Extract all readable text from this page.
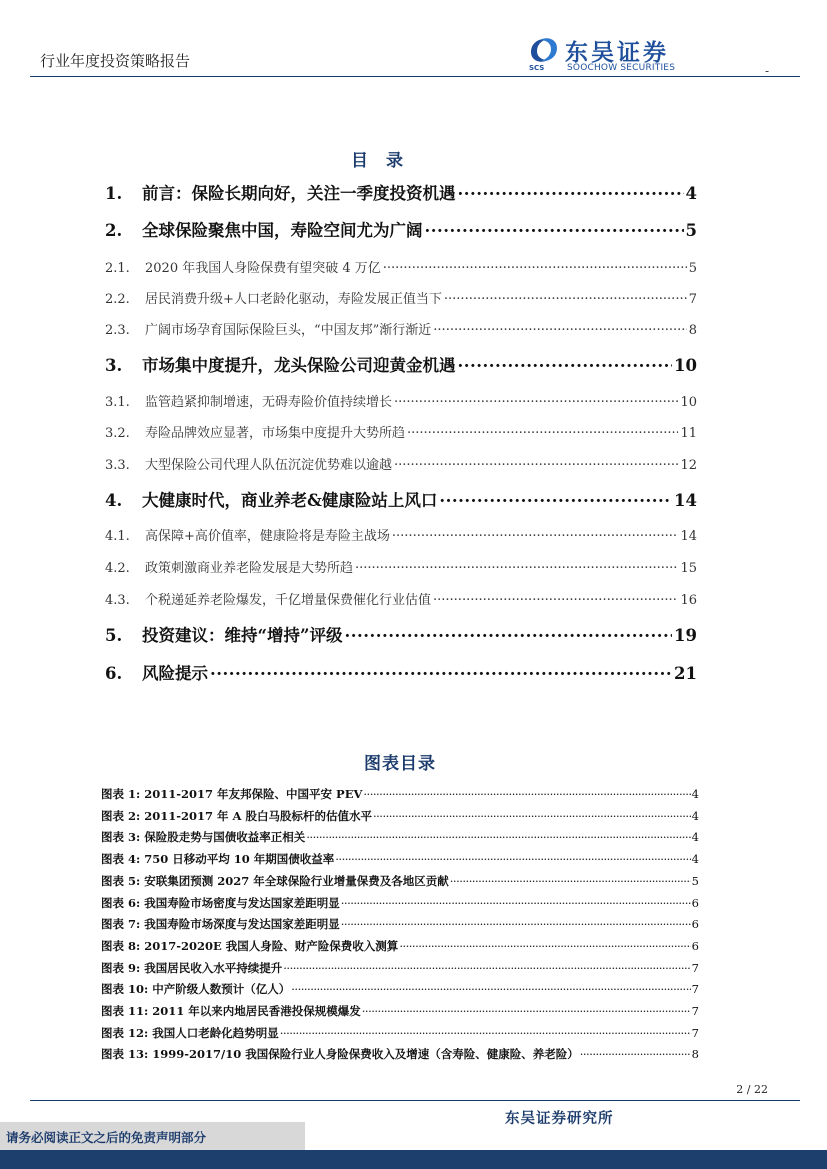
行业年度投资策略报告	SCS
东吴证券
SOOCHOW SECURITIES	-
目 录
1.	前言：保险长期向好，关注一季度投资机遇 .....	4
2.	全球保险聚焦中国，寿险空间尤为广阔 .....	5
2.1.	2020 年我国人身险保费有望突破 4 万亿 .....	5
2.2.	居民消费升级+人口老龄化驱动，寿险发展正值当下 .....	7
2.3.	广阔市场孕育国际保险巨头，“中国友邦”渐行渐近 .....	8
3.	市场集中度提升，龙头保险公司迎黄金机遇 .....	10
3.1.	监管趋紧抑制增速，无碍寿险价值持续增长 .....	10
3.2.	寿险品牌效应显著，市场集中度提升大势所趋 .....	11
3.3.	大型保险公司代理人队伍沉淀优势难以逾越 .....	12
4.	大健康时代，商业养老&健康险站上风口 .....	14
4.1.	高保障+高价值率，健康险将是寿险主战场 .....	14
4.2.	政策刺激商业养老险发展是大势所趋 .....	15
4.3.	个税递延养老险爆发，千亿增量保费催化行业估值 .....	16
5.	投资建议：维持“增持”评级 .....	19
6.	风险提示 .....	21
图表目录
图表 1: 2011-2017 年友邦保险、中国平安 PEV .....	4
图表 2: 2011-2017 年 A 股白马股标杆的估值水平 .....	4
图表 3: 保险股走势与国债收益率正相关 .....	4
图表 4: 750 日移动平均 10 年期国债收益率 .....	4
图表 5: 安联集团预测 2027 年全球保险行业增量保费及各地区贡献 .....	5
图表 6: 我国寿险市场密度与发达国家差距明显 .....	6
图表 7: 我国寿险市场深度与发达国家差距明显 .....	6
图表 8: 2017-2020E 我国人身险、财产险保费收入测算 .....	6
图表 9: 我国居民收入水平持续提升 .....	7
图表 10: 中产阶级人数预计（亿人） .....	7
图表 11: 2011 年以来内地居民香港投保规模爆发 .....	7
图表 12: 我国人口老龄化趋势明显 .....	7
图表 13: 1999-2017/10 我国保险行业人身险保费收入及增速（含寿险、健康险、养老险） .....	8
2 / 22
东吴证券研究所
请务必阅读正文之后的免责声明部分
